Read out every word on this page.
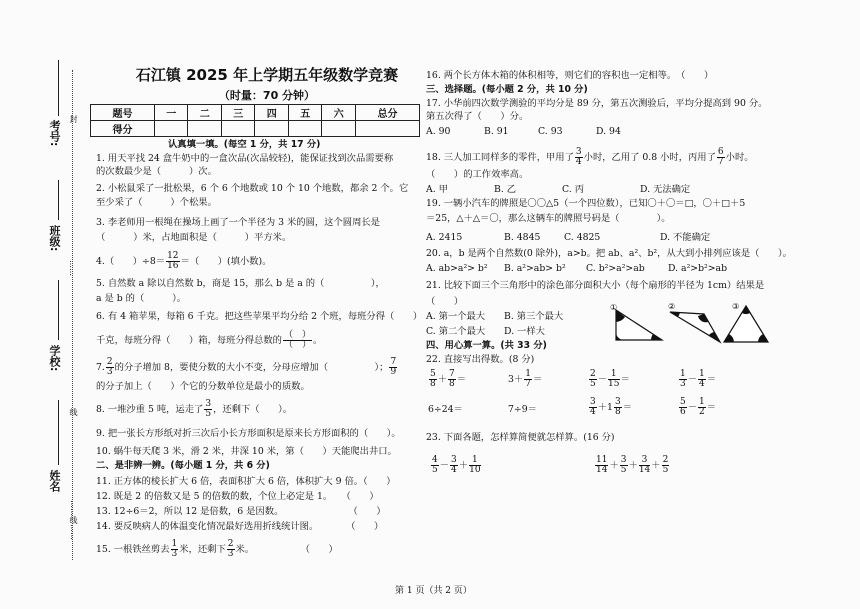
考号:
班级:
学校:
姓名
封
线
……
……线……
石江镇 2025 年上学期五年级数学竞赛
（时量：70 分钟）
题号	一	二	三	四	五	六	总分
得分							
认真填一填。(每空 1 分，共 17 分)
1. 用天平找 24 盒牛奶中的一盒次品(次品较轻)，能保证找到次品需要称
的次数最少是（　　　）次。
2. 小松鼠采了一批松果，6 个 6 个地数或 10 个 10 个地数，都余 2 个。它
至少采了（　　　）个松果。
3. 李老师用一根绳在操场上画了一个半径为 3 米的圆，这个圆周长是
（　　　）米，占地面积是（　　　）平方米。
4.（　　）$\div 8= \frac{12}{16}$ ＝（　　）(填小数)。
5. 自然数 a 除以自然数 b，商是 15，那么 b 是 a 的（　　　　　），
a 是 b 的（　　　）。
6. 有 4 箱苹果，每箱 6 千克。把这些苹果平均分给 2 个班，每班分得（　　）
千克，每班分得（　　）箱，每班分得总数的 （　）
（　） 。
7. $\frac{2}{3}$ 的分子增加 8，要使分数的大小不变，分母应增加（　　　　　）； $\frac{7}{9}$
的分子加上（　　）个它的分数单位是最小的质数。
8. 一堆沙重 5 吨，运走了 $\frac{3}{5}$ ，还剩下（　　）。
9. 把一张长方形纸对折三次后小长方形面积是原来长方形面积的（　　）。
10. 蜗牛每天爬 3 米，滑 2 米，井深 10 米，第（　　）天能爬出井口。
二、是非辨一辨。(每小题 1 分，共 6 分)
11. 正方体的棱长扩大 6 倍，表面积扩大 6 倍，体积扩大 9 倍。（　　）
12. 既是 2 的倍数又是 5 的倍数的数，个位上必定是 1。　　（　　）
13. 12÷6＝2，所以 12 是倍数，6 是因数。　　　　　　　　（　　）
14. 要反映病人的体温变化情况最好选用折线统计图。　　　　（　　）
15. 一根铁丝剪去 $\frac{1}{3}$ 米，还剩下 $\frac{2}{3}$ 米。　　　　　　（　　）
16. 两个长方体木箱的体积相等，则它们的容积也一定相等。　（　　）
三、选择题。(每小题 2 分，共 10 分)
17. 小华前四次数学测验的平均分是 89 分，第五次测验后，平均分提高到 90 分。
第五次得了（　　）分。
A. 90	B. 91	C. 93	D. 94
18. 三人加工同样多的零件，甲用了 $\frac{3}{4}$ 小时，乙用了 0.8 小时，丙用了 $\frac{6}{7}$ 小时。
（　　）的工作效率高。
A. 甲	B. 乙	C. 丙	D. 无法确定
19. 一辆小汽车的牌照是〇〇△5（一个四位数），已知〇＋〇＝□，〇＋□＋5
＝25，△＋△＝〇，那么这辆车的牌照号码是（　　　　）。
A. 2415	B. 4845	C. 4825	D. 不能确定
20. a，b 是两个自然数(0 除外)，a>b。把 ab、a²、b²，从大到小排列应该是（　　）。
A. ab>a²> b² B. a²>ab> b² C. b²>a²>ab	D. a²>b²>ab
21. 比较下面三个三角形中的涂色部分面积大小（每个扇形的半径为 1cm）结果是
（　　）
A. 第一个最大 B. 第三个最大
C. 第二个最大 D. 一样大
①	②	③
四、用心算一算。(共 33 分)
22. 直接写出得数。(8 分)
$\frac{5}{8} + \frac{7}{8}$ ＝	$3+ \frac{1}{7}$ ＝	$\frac{2}{5} - \frac{1}{15}$ ＝	$\frac{1}{3} - \frac{1}{4}$ ＝
6÷24＝	7÷9＝	$\frac{3}{4} +1 \frac{3}{8}$ ＝	$\frac{5}{6} - \frac{1}{2}$ ＝
23. 下面各题，怎样算简便就怎样算。(16 分)
$\frac{4}{5} - \frac{3}{4} + \frac{1}{10}$	$\frac{11}{14} + \frac{3}{5} + \frac{3}{14} + \frac{2}{5}$
第 1 页（共 2 页）
